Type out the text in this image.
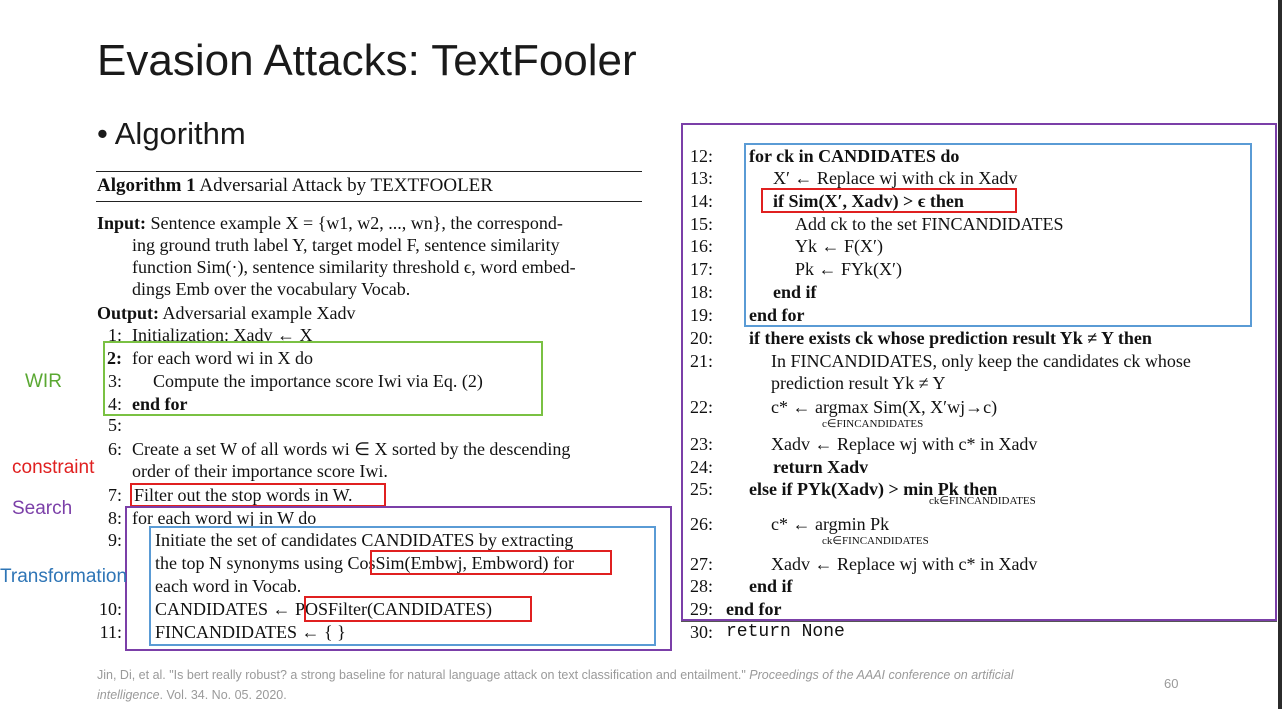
Evasion Attacks: TextFooler
• Algorithm
Algorithm 1 Adversarial Attack by TEXTFOOLER
Input: Sentence example X = {w1, w2, ..., wn}, the correspond-
ing ground truth label Y, target model F, sentence similarity
function Sim(·), sentence similarity threshold ϵ, word embed-
dings Emb over the vocabulary Vocab.
Output: Adversarial example Xadv
1: Initialization: Xadv ← X
2: for each word wi in X do
3: Compute the importance score Iwi via Eq. (2)
4: end for
5:
6: Create a set W of all words wi ∈ X sorted by the descending
order of their importance score Iwi.
7: Filter out the stop words in W.
8: for each word wj in W do
9: Initiate the set of candidates CANDIDATES by extracting
the top N synonyms using CosSim(Embwj, Embword) for
each word in Vocab.
10: CANDIDATES ← POSFilter(CANDIDATES)
11: FINCANDIDATES ← { }
WIR
constraint
Search
Transformation
12: for ck in CANDIDATES do
13:	X′ ← Replace wj with ck in Xadv
14:	if Sim(X′, Xadv) > ϵ then
15:	Add ck to the set FINCANDIDATES
16:	Yk ← F(X′)
17:	Pk ← FYk(X′)
18:	end if
19: end for
20: if there exists ck whose prediction result Yk ≠ Y then
21:	In FINCANDIDATES, only keep the candidates ck whose
prediction result Yk ≠ Y
22:	c* ← argmax Sim(X, X′wj→c)
c∈FINCANDIDATES
23:	Xadv ← Replace wj with c* in Xadv
24:	return Xadv
25: else if PYk(Xadv) > min Pk then
ck∈FINCANDIDATES
26:	c* ← argmin Pk
ck∈FINCANDIDATES
27:	Xadv ← Replace wj with c* in Xadv
28: end if
29: end for
30: return None
Jin, Di, et al. "Is bert really robust? a strong baseline for natural language attack on text classification and entailment." Proceedings of the AAAI conference on artificial intelligence. Vol. 34. No. 05. 2020.
60
